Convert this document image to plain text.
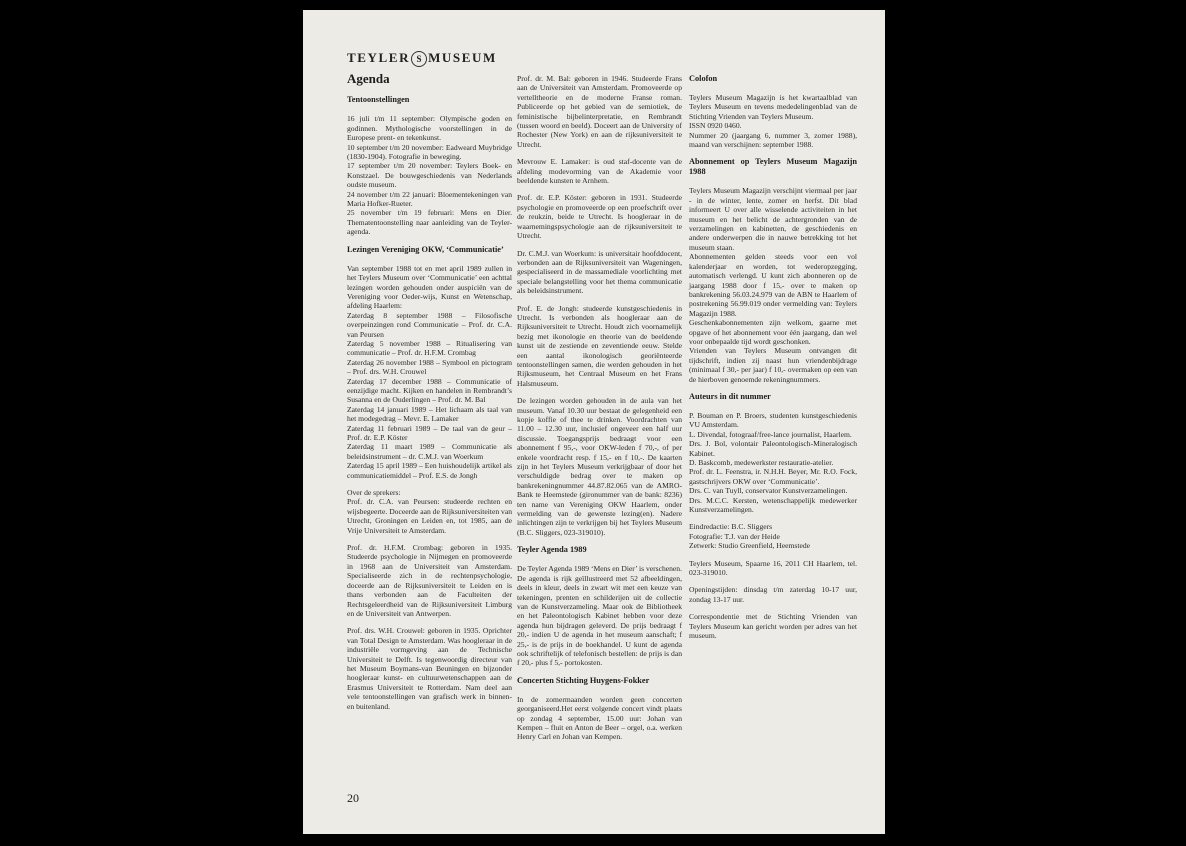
TEYLER S MUSEUM
Agenda
Tentoonstellingen

16 juli t/m 11 september: Olympische goden en godinnen. Mythologische voorstellingen in de Europese prent- en tekenkunst.

10 september t/m 20 november: Eadweard Muybridge (1830-1904). Fotografie in beweging.

17 september t/m 20 november: Teylers Boek- en Konstzael. De bouwgeschiedenis van Nederlands oudste museum.

24 november t/m 22 januari: Bloementekeningen van Maria Hofker-Rueter.

25 november t/m 19 februari: Mens en Dier. Thematentoonstelling naar aanleiding van de Teyler-agenda.

Lezingen Vereniging OKW, ‘Communicatie’

Van september 1988 tot en met april 1989 zullen in het Teylers Museum over ‘Communicatie’ een achttal lezingen worden gehouden onder auspiciën van de Vereniging voor Oeder-wijs, Kunst en Wetenschap, afdeling Haarlem:

Zaterdag 8 september 1988 – Filosofische overpeinzingen rond Communicatie – Prof. dr. C.A. van Peursen

Zaterdag 5 november 1988 – Ritualisering van communicatie – Prof. dr. H.F.M. Crombag

Zaterdag 26 november 1988 – Symbool en pictogram – Prof. drs. W.H. Crouwel

Zaterdag 17 december 1988 – Communicatie of eenzijdige macht. Kijken en handelen in Rembrandt’s Susanna en de Ouderlingen – Prof. dr. M. Bal

Zaterdag 14 januari 1989 – Het lichaam als taal van het modegedrag – Mevr. E. Lamaker

Zaterdag 11 februari 1989 – De taal van de geur – Prof. dr. E.P. Köster

Zaterdag 11 maart 1989 – Communicatie als beleidsinstrument – dr. C.M.J. van Woerkum

Zaterdag 15 april 1989 – Een huishoudelijk artikel als communicatiemiddel – Prof. E.S. de Jongh

Over de sprekers:

Prof. dr. C.A. van Peursen: studeerde rechten en wijsbegeerte. Doceerde aan de Rijksuniversiteiten van Utrecht, Groningen en Leiden en, tot 1985, aan de Vrije Universiteit te Amsterdam.

Prof. dr. H.F.M. Crombag: geboren in 1935. Studeerde psychologie in Nijmegen en promoveerde in 1968 aan de Universiteit van Amsterdam. Specialiseerde zich in de rechtenpsychologie, doceerde aan de Rijksuniversiteit te Leiden en is thans verbonden aan de Faculteiten der Rechtsgeleerdheid van de Rijksuniversiteit Limburg en de Universiteit van Antwerpen.

Prof. drs. W.H. Crouwel: geboren in 1935. Oprichter van Total Design te Amsterdam. Was hoogleraar in de industriële vormgeving aan de Technische Universiteit te Delft. Is tegenwoordig directeur van het Museum Boymans-van Beuningen en bijzonder hoogleraar kunst- en cultuurwetenschappen aan de Erasmus Universiteit te Rotterdam. Nam deel aan vele tentoonstellingen van grafisch werk in binnen- en buitenland.

Prof. dr. M. Bal: geboren in 1946. Studeerde Frans aan de Universiteit van Amsterdam. Promoveerde op vertelltheorie en de moderne Franse roman. Publiceerde op het gebied van de semiotiek, de feministische bijbelinterpretatie, en Rembrandt (tussen woord en beeld). Doceert aan de University of Rochester (New York) en aan de rijksuniversiteit te Utrecht.

Mevrouw E. Lamaker: is oud staf-docente van de afdeling modevorming van de Akademie voor beeldende kunsten te Arnhem.

Prof. dr. E.P. Köster: geboren in 1931. Studeerde psychologie en promoveerde op een proefschrift over de reukzin, beide te Utrecht. Is hoogleraar in de waarnemingspsychologie aan de rijksuniversiteit te Utrecht.

Dr. C.M.J. van Woerkum: is universitair hoofddocent, verbonden aan de Rijksuniversiteit van Wageningen, gespecialiseerd in de massamediale voorlichting met speciale belangstelling voor het thema communicatie als beleidsinstrument.

Prof. E. de Jongh: studeerde kunstgeschiedenis in Utrecht. Is verbonden als hoogleraar aan de Rijksuniversiteit te Utrecht. Houdt zich voornamelijk bezig met ikonologie en theorie van de beeldende kunst uit de zestiende en zeventiende eeuw. Stelde een aantal ikonologisch georiënteerde tentoonstellingen samen, die werden gehouden in het Rijksmuseum, het Centraal Museum en het Frans Halsmuseum.

De lezingen worden gehouden in de aula van het museum. Vanaf 10.30 uur bestaat de gelegenheid een kopje koffie of thee te drinken. Voordrachten van 11.00 – 12.30 uur, inclusief ongeveer een half uur discussie. Toegangsprijs bedraagt voor een abonnement f 95,-, voor OKW-leden f 70,-, of per enkele voordracht resp. f 15,- en f 10,-. De kaarten zijn in het Teylers Museum verkrijgbaar of door het verschuldigde bedrag over te maken op bankrekeningnummer 44.87.82.065 van de AMRO-Bank te Heemstede (gironummer van de bank: 8236) ten name van Vereniging OKW Haarlem, onder vermelding van de gewenste lezing(en). Nadere inlichtingen zijn te verkrijgen bij het Teylers Museum (B.C. Sliggers, 023-319010).

Teyler Agenda 1989

De Teyler Agenda 1989 ‘Mens en Dier’ is verschenen. De agenda is rijk geïllustreerd met 52 afbeeldingen, deels in kleur, deels in zwart wit met een keuze van tekeningen, prenten en schilderijen uit de collectie van de Kunstverzameling. Maar ook de Bibliotheek en het Paleontologisch Kabinet hebben voor deze agenda hun bijdragen geleverd. De prijs bedraagt f 20,- indien U de agenda in het museum aanschaft; f 25,- is de prijs in de boekhandel. U kunt de agenda ook schriftelijk of telefonisch bestellen: de prijs is dan f 20,- plus f 5,- portokosten.

Concerten Stichting Huygens-Fokker

In de zomermaanden worden geen concerten georganiseerd.Het eerst volgende concert vindt plaats op zondag 4 september, 15.00 uur: Johan van Kempen – fluit en Anton de Beer – orgel, o.a. werken Henry Carl en Johan van Kempen.

Colofon

Teylers Museum Magazijn is het kwartaalblad van Teylers Museum en tevens mededelingenblad van de Stichting Vrienden van Teylers Museum.

ISSN 0920 0460.

Nummer 20 (jaargang 6, nummer 3, zomer 1988), maand van verschijnen: september 1988.

Abonnement op Teylers Museum Magazijn 1988

Teylers Museum Magazijn verschijnt viermaal per jaar - in de winter, lente, zomer en herfst. Dit blad informeert U over alle wisselende activiteiten in het museum en het belicht de achtergronden van de verzamelingen en kabinetten, de geschiedenis en andere onderwerpen die in nauwe betrekking tot het museum staan.

Abonnementen gelden steeds voor een vol kalenderjaar en worden, tot wederopzegging, automatisch verlengd. U kunt zich abonneren op de jaargang 1988 door f 15,- over te maken op bankrekening 56.03.24.979 van de ABN te Haarlem of postrekening 56.99.019 onder vermelding van: Teylers Magazijn 1988.

Geschenkabonnementen zijn welkom, gaarne met opgave of het abonnement voor één jaargang, dan wel voor onbepaalde tijd wordt geschonken.

Vrienden van Teylers Museum ontvangen dit tijdschrift, indien zij naast hun vriendenbijdrage (minimaal f 30,- per jaar) f 10,- overmaken op een van de hierboven genoemde rekeningnummers.

Auteurs in dit nummer

P. Bouman en P. Broers, studenten kunstgeschiedenis VU Amsterdam.

L. Divendal, fotograaf/free-lance journalist, Haarlem.

Drs. J. Bol, volontair Paleontologisch-Mineralogisch Kabinet.

D. Baskcomb, medewerkster restauratie-atelier.

Prof. dr. L. Feenstra, ir. N.H.H. Beyer, Mr. R.O. Fock, gastschrijvers OKW over ‘Communicatie’.

Drs. C. van Tuyll, conservator Kunstverzamelingen.

Drs. M.C.C. Kersten, wetenschappelijk medewerker Kunstverzamelingen.

Eindredactie: B.C. Sliggers

Fotografie: T.J. van der Heide

Zetwerk: Studio Greenfield, Heemstede

Teylers Museum, Spaarne 16, 2011 CH Haarlem, tel. 023-319010.

Openingstijden: dinsdag t/m zaterdag 10-17 uur, zondag 13-17 uur.

Correspondentie met de Stichting Vrienden van Teylers Museum kan gericht worden per adres van het museum.

20
